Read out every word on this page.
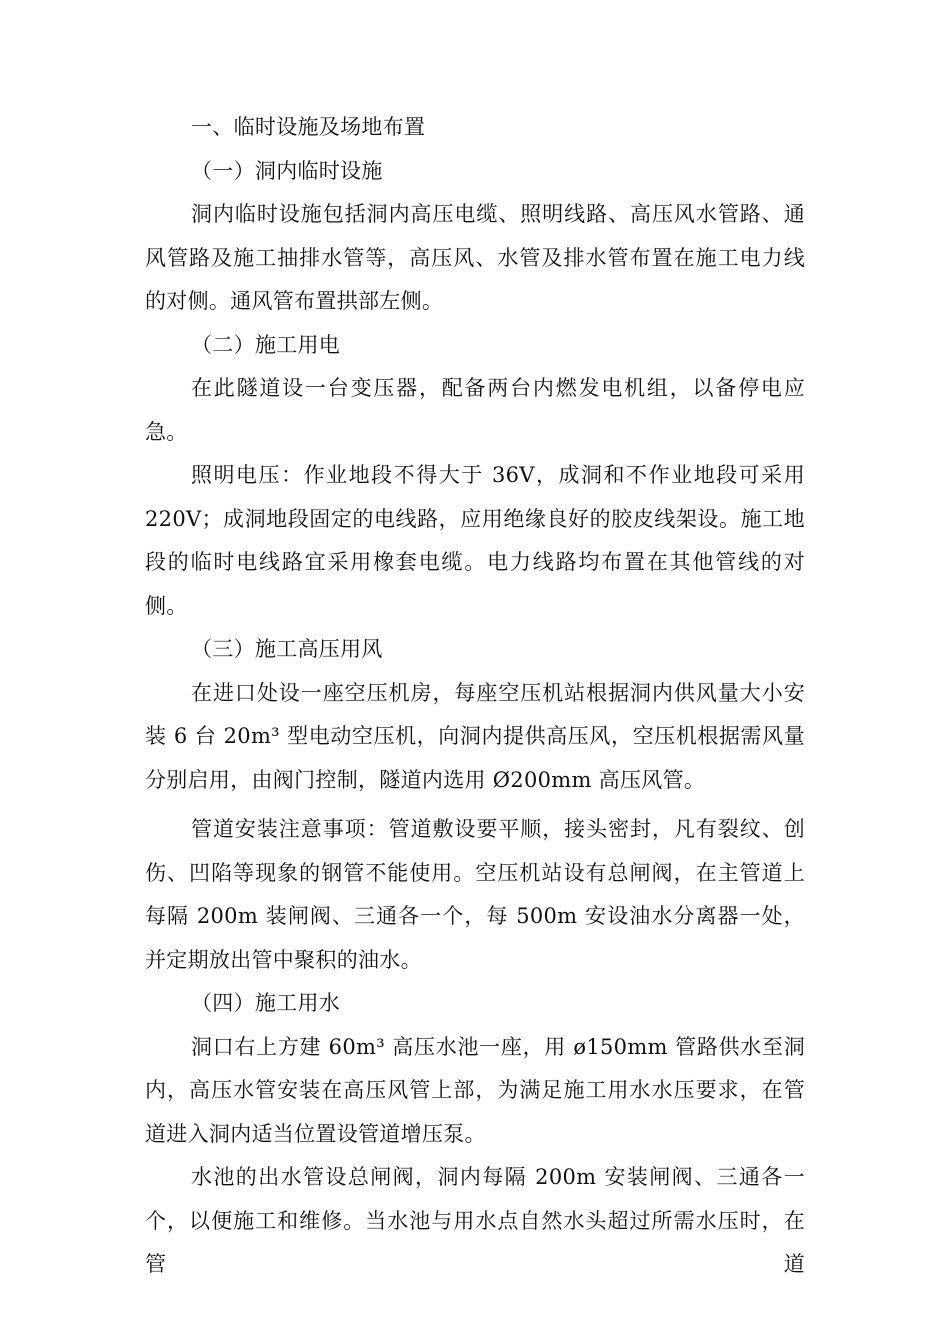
一、临时设施及场地布置

（一）洞内临时设施

洞内临时设施包括洞内高压电缆、照明线路、高压风水管路、通风管路及施工抽排水管等，高压风、水管及排水管布置在施工电力线的对侧。通风管布置拱部左侧。

（二）施工用电

在此隧道设一台变压器，配备两台内燃发电机组，以备停电应急。

照明电压：作业地段不得大于 36V，成洞和不作业地段可采用220V；成洞地段固定的电线路，应用绝缘良好的胶皮线架设。施工地段的临时电线路宜采用橡套电缆。电力线路均布置在其他管线的对侧。

（三）施工高压用风

在进口处设一座空压机房，每座空压机站根据洞内供风量大小安装 6 台 20m³ 型电动空压机，向洞内提供高压风，空压机根据需风量分别启用，由阀门控制，隧道内选用 Ø200mm 高压风管。

管道安装注意事项：管道敷设要平顺，接头密封，凡有裂纹、创伤、凹陷等现象的钢管不能使用。空压机站设有总闸阀，在主管道上每隔 200m 装闸阀、三通各一个，每 500m 安设油水分离器一处，并定期放出管中聚积的油水。

（四）施工用水

洞口右上方建 60m³ 高压水池一座，用 ø150mm 管路供水至洞内，高压水管安装在高压风管上部，为满足施工用水水压要求，在管道进入洞内适当位置设管道增压泵。

水池的出水管设总闸阀，洞内每隔 200m 安装闸阀、三通各一个，以便施工和维修。当水池与用水点自然水头超过所需水压时，在管道
